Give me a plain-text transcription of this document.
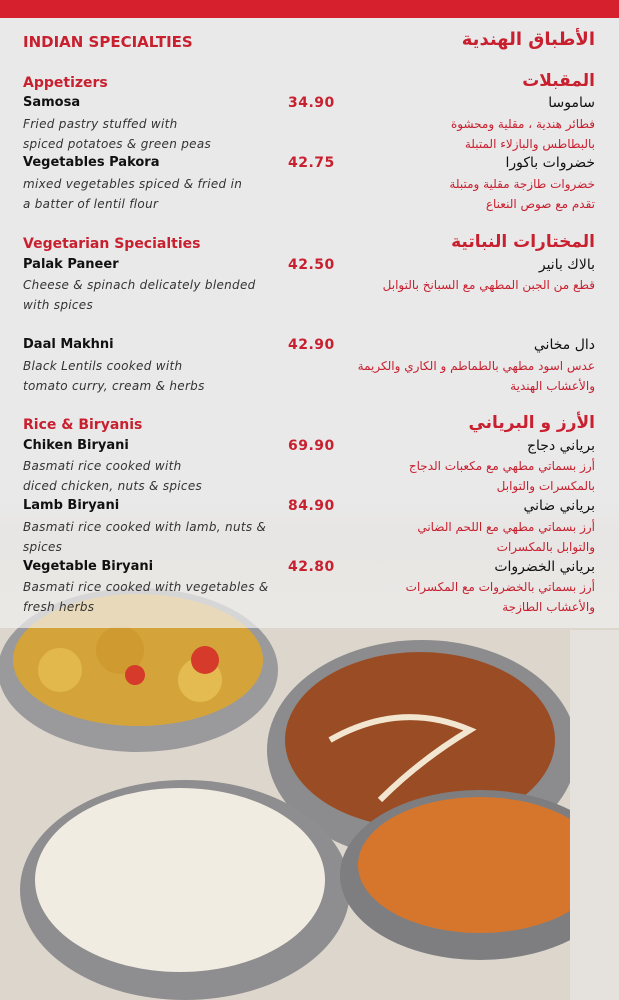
INDIAN SPECIALTIES	الأطباق الهندية
Appetizers	المقبلات
Samosa	34.90
Fried pastry stuffed with
spiced potatoes & green peas
ساموسا
فطائر هندية ، مقلية ومحشوة
بالبطاطس والبازلاء المتبلة
Vegetables Pakora	42.75
mixed vegetables spiced & fried in
a batter of lentil flour
خضروات باكورا
خضروات طازجة مقلية ومتبلة
تقدم مع صوص النعناع
Vegetarian Specialties	المختارات النباتية
Palak Paneer	42.50
Cheese & spinach delicately blended
with spices
بالاك بانير
قطع من الجبن المطهي مع السبانخ بالتوابل
Daal Makhni	42.90
Black Lentils cooked with
tomato curry, cream & herbs
دال مخاني
عدس اسود مطهي بالطماطم و الكاري والكريمة
والأعشاب الهندية
Rice & Biryanis	الأرز و البرياني
Chiken Biryani	69.90
Basmati rice cooked with
diced chicken, nuts & spices
برياني دجاج
أرز بسماتي مطهي مع مكعبات الدجاج
بالمكسرات والتوابل
Lamb Biryani	84.90
Basmati rice cooked with lamb, nuts &
spices
برياني ضاني
أرز بسماتي مطهي مع اللحم الضاني
والتوابل بالمكسرات
Vegetable Biryani	42.80
Basmati rice cooked with vegetables &
fresh herbs
برياني الخضروات
أرز بسماتي بالخضروات مع المكسرات
والأعشاب الطازجة
